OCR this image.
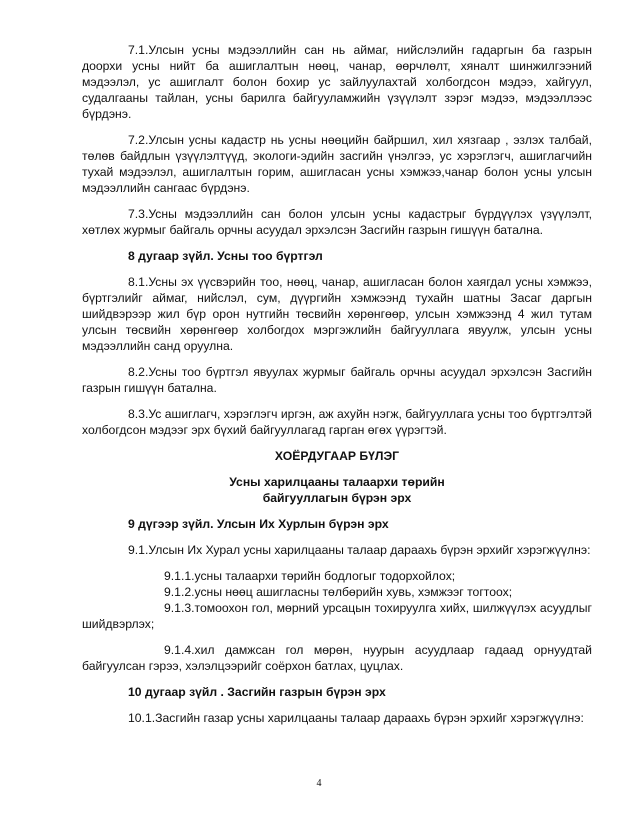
7.1.Улсын усны мэдээллийн сан нь аймаг, нийслэлийн гадаргын ба газрын доорхи усны нийт ба ашиглалтын нөөц, чанар, өөрчлөлт, хяналт шинжилгээний мэдээлэл, ус ашиглалт болон бохир ус зайлуулахтай холбогдсон мэдээ, хайгуул, судалгааны тайлан, усны барилга байгууламжийн үзүүлэлт зэрэг мэдээ, мэдээллээс бүрдэнэ.

7.2.Улсын усны кадастр нь усны нөөцийн байршил, хил хязгаар , эзлэх талбай, төлөв байдлын үзүүлэлтүүд, экологи-эдийн засгийн үнэлгээ, ус хэрэглэгч, ашиглагчийн тухай мэдээлэл, ашиглалтын горим, ашигласан усны хэмжээ,чанар болон усны улсын мэдээллийн сангаас бүрдэнэ.

7.3.Усны мэдээллийн сан болон улсын усны кадастрыг бүрдүүлэх үзүүлэлт, хөтлөх журмыг байгаль орчны асуудал эрхэлсэн Засгийн газрын гишүүн батална.

8 дугаар зүйл. Усны тоо бүртгэл

8.1.Усны эх үүсвэрийн тоо, нөөц, чанар, ашигласан болон хаягдал усны хэмжээ, бүртгэлийг аймаг, нийслэл, сум, дүүргийн хэмжээнд тухайн шатны Засаг даргын шийдвэрээр жил бүр орон нутгийн төсвийн хөрөнгөөр, улсын хэмжээнд 4 жил тутам улсын төсвийн хөрөнгөөр холбогдох мэргэжлийн байгууллага явуулж, улсын усны мэдээллийн санд оруулна.

8.2.Усны тоо бүртгэл явуулах журмыг байгаль орчны асуудал эрхэлсэн Засгийн газрын гишүүн батална.

8.3.Ус ашиглагч, хэрэглэгч иргэн, аж ахуйн нэгж, байгууллага усны тоо бүртгэлтэй холбогдсон мэдээг эрх бүхий байгууллагад гарган өгөх үүрэгтэй.

ХОЁРДУГААР БҮЛЭГ

Усны харилцааны талаархи төрийн

байгууллагын бүрэн эрх

9 дүгээр зүйл. Улсын Их Хурлын бүрэн эрх

9.1.Улсын Их Хурал усны харилцааны талаар дараахь бүрэн эрхийг хэрэгжүүлнэ:

9.1.1.усны талаархи төрийн бодлогыг тодорхойлох;

9.1.2.усны нөөц ашигласны төлбөрийн хувь, хэмжээг тогтоох;

9.1.3.томоохон гол, мөрний урсацын тохируулга хийх, шилжүүлэх асуудлыг шийдвэрлэх;

9.1.4.хил дамжсан гол мөрөн, нуурын асуудлаар гадаад орнуудтай байгуулсан гэрээ, хэлэлцээрийг соёрхон батлах, цуцлах.

10 дугаар зүйл . Засгийн газрын бүрэн эрх

10.1.Засгийн газар усны харилцааны талаар дараахь бүрэн эрхийг хэрэгжүүлнэ:

4
